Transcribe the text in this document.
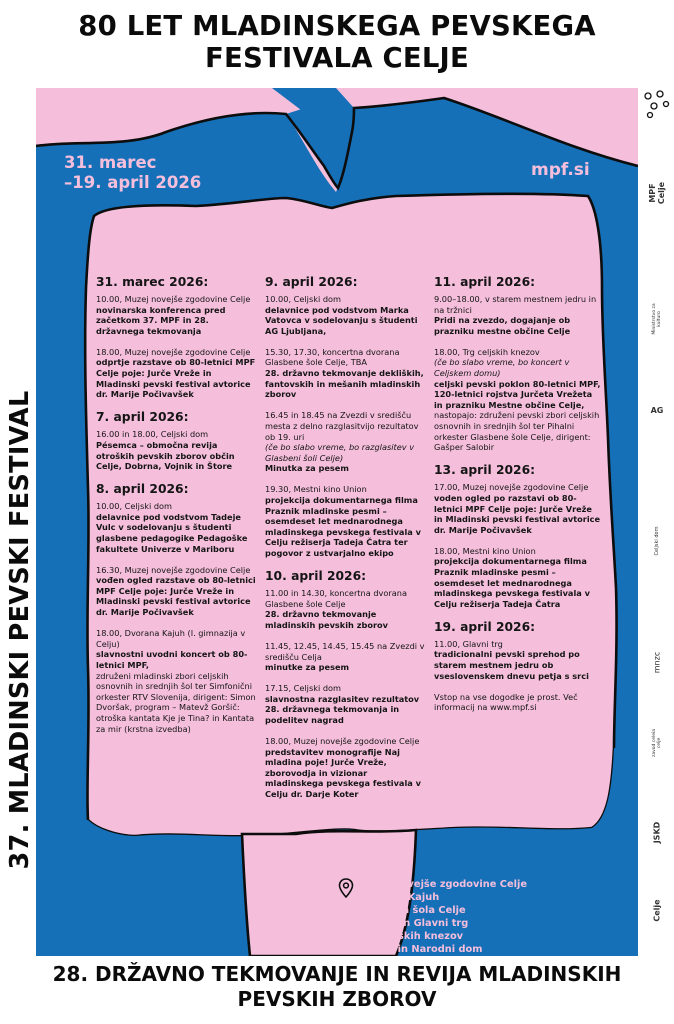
80 LET MLADINSKEGA PEVSKEGA
FESTIVALA CELJE
37. MLADINSKI PEVSKI FESTIVAL
31. marec
–19. april 2026
mpf.si
31. marec 2026:
10.00, Muzej novejše zgodovine Celje
novinarska konferenca pred začetkom 37. MPF in 28. državnega tekmovanja
18.00, Muzej novejše zgodovine Celje
odprtje razstave ob 80-letnici MPF Celje poje: Jurče Vreže in Mladinski pevski festival avtorice dr. Marije Počivavšek
7. april 2026:
16.00 in 18.00, Celjski dom
Pésemca – območna revija otroških pevskih zborov občin Celje, Dobrna, Vojnik in Štore
8. april 2026:
10.00, Celjski dom
delavnice pod vodstvom Tadeje Vulc v sodelovanju s študenti glasbene pedagogike Pedagoške fakultete Univerze v Mariboru
16.30, Muzej novejše zgodovine Celje
vođen ogled razstave ob 80-letnici MPF Celje poje: Jurče Vreže in Mladinski pevski festival avtorice dr. Marije Počivavšek
18.00, Dvorana Kajuh (I. gimnazija v Celju)
slavnostni uvodni koncert ob 80-letnici MPF,
združeni mladinski zbori celjskih osnovnih in srednjih šol ter Simfonični orkester RTV Slovenija, dirigent: Simon Dvoršak, program – Matevž Goršič: otroška kantata Kje je Tina? in Kantata za mir (krstna izvedba)
9. april 2026:
10.00, Celjski dom
delavnice pod vodstvom Marka Vatovca v sodelovanju s študenti AG Ljubljana,
15.30, 17.30, koncertna dvorana Glasbene šole Celje, TBA
28. državno tekmovanje dekliških, fantovskih in mešanih mladinskih zborov
16.45 in 18.45 na Zvezdi v središču mesta z delno razglasitvijo rezultatov ob 19. uri
(če bo slabo vreme, bo razglasitev v Glasbeni šoli Celje)
Minutka za pesem
19.30, Mestni kino Union
projekcija dokumentarnega filma Praznik mladinske pesmi – osemdeset let mednarodnega mladinskega pevskega festivala v Celju režiserja Tadeja Čatra ter pogovor z ustvarjalno ekipo
10. april 2026:
11.00 in 14.30, koncertna dvorana Glasbene šole Celje
28. državno tekmovanje mladinskih pevskih zborov
11.45, 12.45, 14.45, 15.45 na Zvezdi v središču Celja
minutke za pesem
17.15, Celjski dom
slavnostna razglasitev rezultatov 28. državnega tekmovanja in podelitev nagrad
18.00, Muzej novejše zgodovine Celje
predstavitev monografije Naj mladina poje! Jurče Vreže, zborovodja in vizionar mladinskega pevskega festivala v Celju dr. Darje Koter
11. april 2026:
9.00–18.00, v starem mestnem jedru in na tržnici
Pridi na zvezdo, dogajanje ob prazniku mestne občine Celje
18.00, Trg celjskih knezov
(če bo slabo vreme, bo koncert v Celjskem domu)
celjski pevski poklon 80-letnici MPF, 120-letnici rojstva Jurčeta Vrežeta in prazniku Mestne občine Celje,
nastopajo: združeni pevski zbori celjskih osnovnih in srednjih šol ter Pihalni orkester Glasbene šole Celje, dirigent: Gašper Salobir
13. april 2026:
17.00, Muzej novejše zgodovine Celje
voden ogled po razstavi ob 80-letnici MPF Celje poje: Jurče Vreže in Mladinski pevski festival avtorice dr. Marije Počivavšek
18.00, Mestni kino Union
projekcija dokumentarnega filma Praznik mladinske pesmi – osemdeset let mednarodnega mladinskega pevskega festivala v Celju režiserja Tadeja Čatra
19. april 2026:
11.00, Glavni trg
tradicionalni pevski sprehod po starem mestnem jedru ob vseslovenskem dnevu petja s srci
Vstop na vse dogodke je prost. Več informacij na www.mpf.si
Muzej novejše zgodovine Celje
Dvorana Kajuh
Glasbena šola Celje
Krekov in Glavni trg
Trg celjskih knezov
Celjski in Narodni dom
MPF Celje
Ministrstvo za kulturo
AG
Celjski dom
mnzc
zavod celeia celje
JSKD
Celje
28. DRŽAVNO TEKMOVANJE IN REVIJA MLADINSKIH
PEVSKIH ZBOROV
